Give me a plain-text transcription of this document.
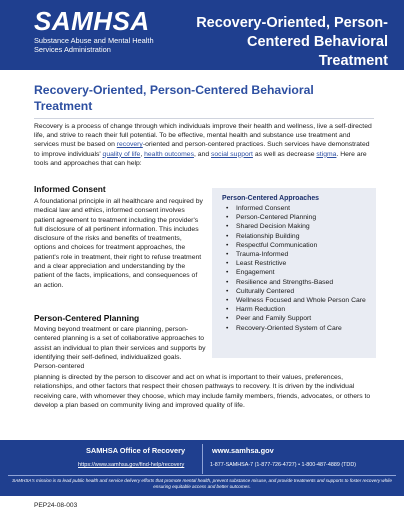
SAMHSA
Substance Abuse and Mental Health
Services Administration
Recovery-Oriented, Person-Centered Behavioral Treatment
Recovery-Oriented, Person-Centered Behavioral Treatment
Recovery is a process of change through which individuals improve their health and wellness, live a self-directed life, and strive to reach their full potential. To be effective, mental health and substance use treatment and services must be based on recovery-oriented and person-centered practices. Such services have demonstrated to improve individuals' quality of life, health outcomes, and social support as well as decrease stigma. Here are tools and approaches that can help:
Informed Consent
A foundational principle in all healthcare and required by medical law and ethics, informed consent involves patient agreement to treatment including the provider's full disclosure of all pertinent information. This includes disclosure of the risks and benefits of treatments, options and choices for treatment approaches, the patient's role in treatment, their right to refuse treatment and a clear appreciation and understanding by the patient of the facts, implications, and consequences of an action.
Person-Centered Approaches
• Informed Consent
• Person-Centered Planning
• Shared Decision Making
• Relationship Building
• Respectful Communication
• Trauma-Informed
• Least Restrictive
• Engagement
• Resilience and Strengths-Based
• Culturally Centered
• Wellness Focused and Whole Person Care
• Harm Reduction
• Peer and Family Support
• Recovery-Oriented System of Care
Person-Centered Planning
Moving beyond treatment or care planning, person-centered planning is a set of collaborative approaches to assist an individual to plan their services and supports by identifying their self-defined, individualized goals. Person-centered
planning is directed by the person to discover and act on what is important to their values, preferences, relationships, and other factors that respect their chosen pathways to recovery. It is driven by the individual receiving care, with whomever they choose, which may include family members, friends, advocates, or others to develop a plan based on community living and improved quality of life.
SAMHSA Office of Recovery	www.samhsa.gov
https://www.samhsa.gov/find-help/recovery	1-877-SAMHSA-7 (1-877-726-4727) • 1-800-487-4889 (TDD)
SAMHSA's mission is to lead public health and service delivery efforts that promote mental health, prevent substance misuse, and provide treatments and supports to foster recovery while ensuring equitable access and better outcomes.
PEP24-08-003
